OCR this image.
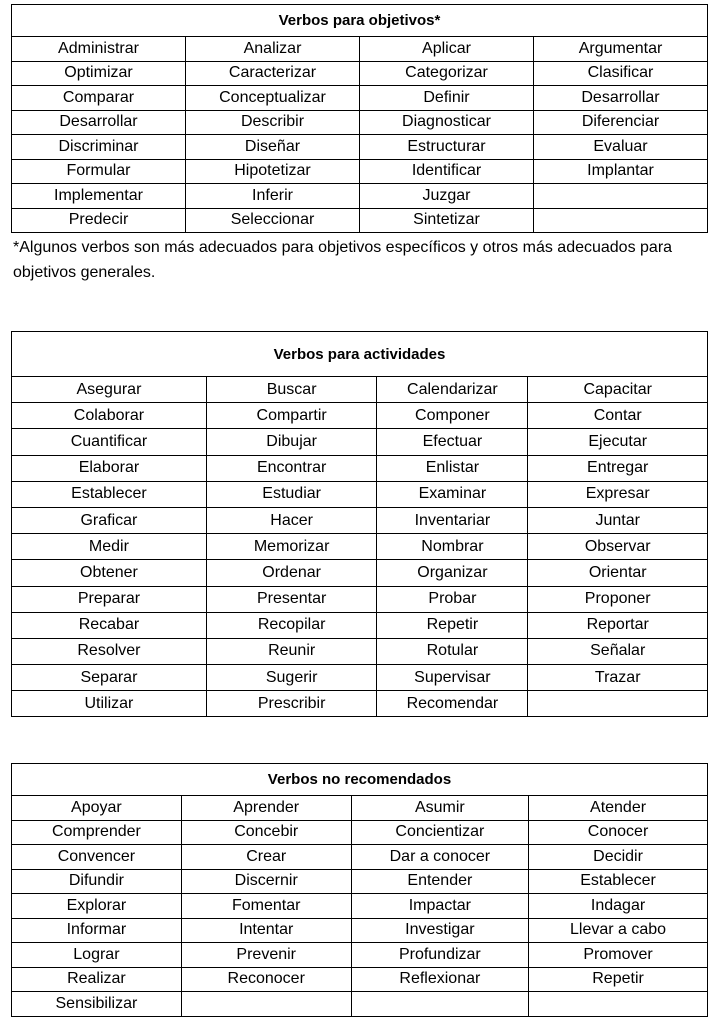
Verbos para objetivos*			
Administrar	Analizar	Aplicar	Argumentar
Optimizar	Caracterizar	Categorizar	Clasificar
Comparar	Conceptualizar	Definir	Desarrollar
Desarrollar	Describir	Diagnosticar	Diferenciar
Discriminar	Diseñar	Estructurar	Evaluar
Formular	Hipotetizar	Identificar	Implantar
Implementar	Inferir	Juzgar	
Predecir	Seleccionar	Sintetizar	
*Algunos verbos son más adecuados para objetivos específicos y otros más adecuados para objetivos generales.
Verbos para actividades			
Asegurar	Buscar	Calendarizar	Capacitar
Colaborar	Compartir	Componer	Contar
Cuantificar	Dibujar	Efectuar	Ejecutar
Elaborar	Encontrar	Enlistar	Entregar
Establecer	Estudiar	Examinar	Expresar
Graficar	Hacer	Inventariar	Juntar
Medir	Memorizar	Nombrar	Observar
Obtener	Ordenar	Organizar	Orientar
Preparar	Presentar	Probar	Proponer
Recabar	Recopilar	Repetir	Reportar
Resolver	Reunir	Rotular	Señalar
Separar	Sugerir	Supervisar	Trazar
Utilizar	Prescribir	Recomendar	
Verbos no recomendados			
Apoyar	Aprender	Asumir	Atender
Comprender	Concebir	Concientizar	Conocer
Convencer	Crear	Dar a conocer	Decidir
Difundir	Discernir	Entender	Establecer
Explorar	Fomentar	Impactar	Indagar
Informar	Intentar	Investigar	Llevar a cabo
Lograr	Prevenir	Profundizar	Promover
Realizar	Reconocer	Reflexionar	Repetir
Sensibilizar			
